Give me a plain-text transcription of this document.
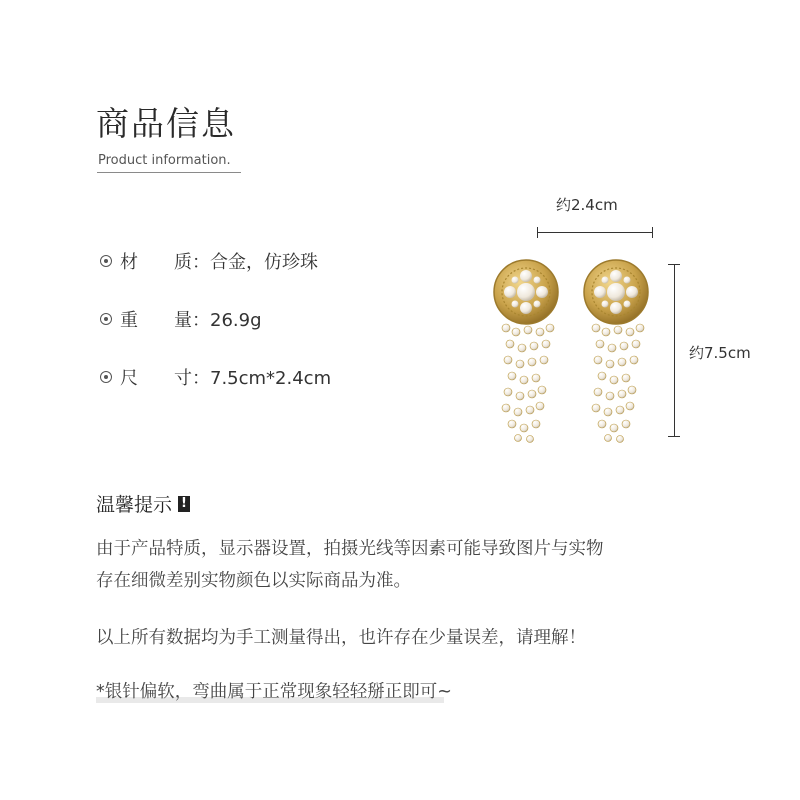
商品信息
Product information.
材 质：合金，仿珍珠
重 量：26.9g
尺 寸：7.5cm*2.4cm
约2.4cm
约7.5cm
温馨提示 !
由于产品特质，显示器设置，拍摄光线等因素可能导致图片与实物
存在细微差别实物颜色以实际商品为准。
以上所有数据均为手工测量得出，也许存在少量误差，请理解！
*银针偏软，弯曲属于正常现象轻轻掰正即可~
